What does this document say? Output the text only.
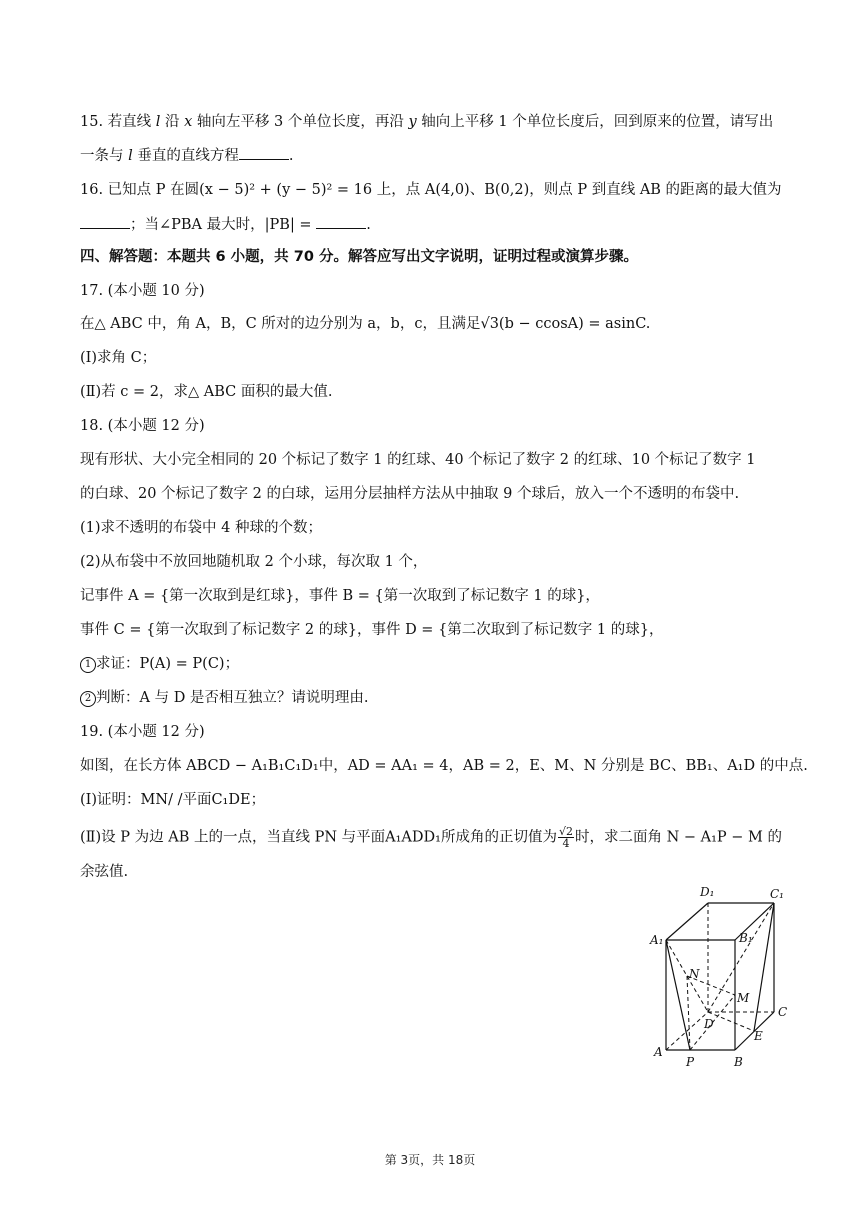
15. 若直线 l 沿 x 轴向左平移 3 个单位长度，再沿 y 轴向上平移 1 个单位长度后，回到原来的位置，请写出
一条与 l 垂直的直线方程	.
16. 已知点 P 在圆(x − 5)² + (y − 5)² = 16 上，点 A(4,0)、B(0,2)，则点 P 到直线 AB 的距离的最大值为
；当∠PBA 最大时，|PB| =	.
四、解答题：本题共 6 小题，共 70 分。解答应写出文字说明，证明过程或演算步骤。
17. (本小题 10 分)
在△ ABC 中，角 A，B，C 所对的边分别为 a，b，c，且满足√3(b − ccosA) = asinC.
(Ⅰ)求角 C；
(Ⅱ)若 c = 2，求△ ABC 面积的最大值.
18. (本小题 12 分)
现有形状、大小完全相同的 20 个标记了数字 1 的红球、40 个标记了数字 2 的红球、10 个标记了数字 1
的白球、20 个标记了数字 2 的白球，运用分层抽样方法从中抽取 9 个球后，放入一个不透明的布袋中.
(1)求不透明的布袋中 4 种球的个数；
(2)从布袋中不放回地随机取 2 个小球，每次取 1 个，
记事件 A = {第一次取到是红球}，事件 B = {第一次取到了标记数字 1 的球}，
事件 C = {第一次取到了标记数字 2 的球}，事件 D = {第二次取到了标记数字 1 的球}，
1 求证：P(A) = P(C)；
2 判断：A 与 D 是否相互独立？请说明理由.
19. (本小题 12 分)
如图，在长方体 ABCD − A₁B₁C₁D₁中，AD = AA₁ = 4，AB = 2，E、M、N 分别是 BC、BB₁、A₁D 的中点.
(Ⅰ)证明：MN/ /平面C₁DE；
(Ⅱ)设 P 为边 AB 上的一点，当直线 PN 与平面A₁ADD₁所成角的正切值为 $\frac{√2}{4}$ 时，求二面角 N − A₁P − M 的
余弦值.
A₁	B₁
C₁
D₁
A
B
C
D
E
M
N
P
第 3页，共 18页
